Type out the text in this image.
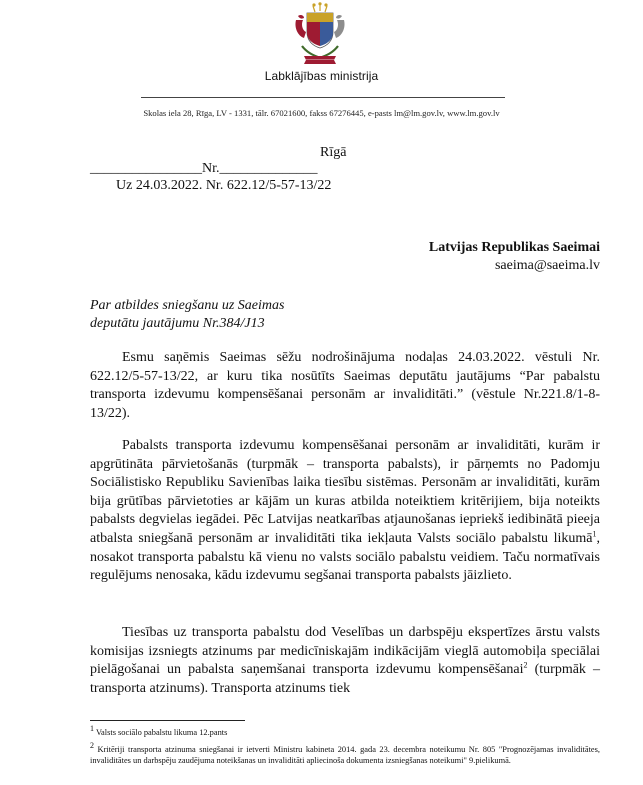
Labklājības ministrija
Skolas iela 28, Rīga, LV - 1331, tālr. 67021600, fakss 67276445, e-pasts lm@lm.gov.lv, www.lm.gov.lv
Rīgā
________________Nr.______________
Uz 24.03.2022. Nr. 622.12/5-57-13/22
Latvijas Republikas Saeimai
saeima@saeima.lv
Par atbildes sniegšanu uz Saeimas
deputātu jautājumu Nr.384/J13
Esmu saņēmis Saeimas sēžu nodrošinājuma nodaļas 24.03.2022. vēstuli Nr. 622.12/5-57-13/22, ar kuru tika nosūtīts Saeimas deputātu jautājums “Par pabalstu transporta izdevumu kompensēšanai personām ar invaliditāti.” (vēstule Nr.221.8/1-8-13/22).
Pabalsts transporta izdevumu kompensēšanai personām ar invaliditāti, kurām ir apgrūtināta pārvietošanās (turpmāk – transporta pabalsts), ir pārņemts no Padomju Sociālistisko Republiku Savienības laika tiesību sistēmas. Personām ar invaliditāti, kurām bija grūtības pārvietoties ar kājām un kuras atbilda noteiktiem kritērijiem, bija noteikts pabalsts degvielas iegādei. Pēc Latvijas neatkarības atjaunošanas iepriekš iedibinātā pieeja atbalsta sniegšanā personām ar invaliditāti tika iekļauta Valsts sociālo pabalstu likumā$^1$, nosakot transporta pabalstu kā vienu no valsts sociālo pabalstu veidiem. Taču normatīvais regulējums nenosaka, kādu izdevumu segšanai transporta pabalsts jāizlieto.
Tiesības uz transporta pabalstu dod Veselības un darbspēju ekspertīzes ārstu valsts komisijas izsniegts atzinums par medicīniskajām indikācijām vieglā automobiļa speciālai pielāgošanai un pabalsta saņemšanai transporta izdevumu kompensēšanai$^2$ (turpmāk – transporta atzinums). Transporta atzinums tiek
$^1$ Valsts sociālo pabalstu likuma 12.pants
$^2$ Kritēriji transporta atzinuma sniegšanai ir ietverti Ministru kabineta 2014. gada 23. decembra noteikumu Nr. 805 "Prognozējamas invaliditātes, invaliditātes un darbspēju zaudējuma noteikšanas un invaliditāti apliecinoša dokumenta izsniegšanas noteikumi" 9.pielikumā.
